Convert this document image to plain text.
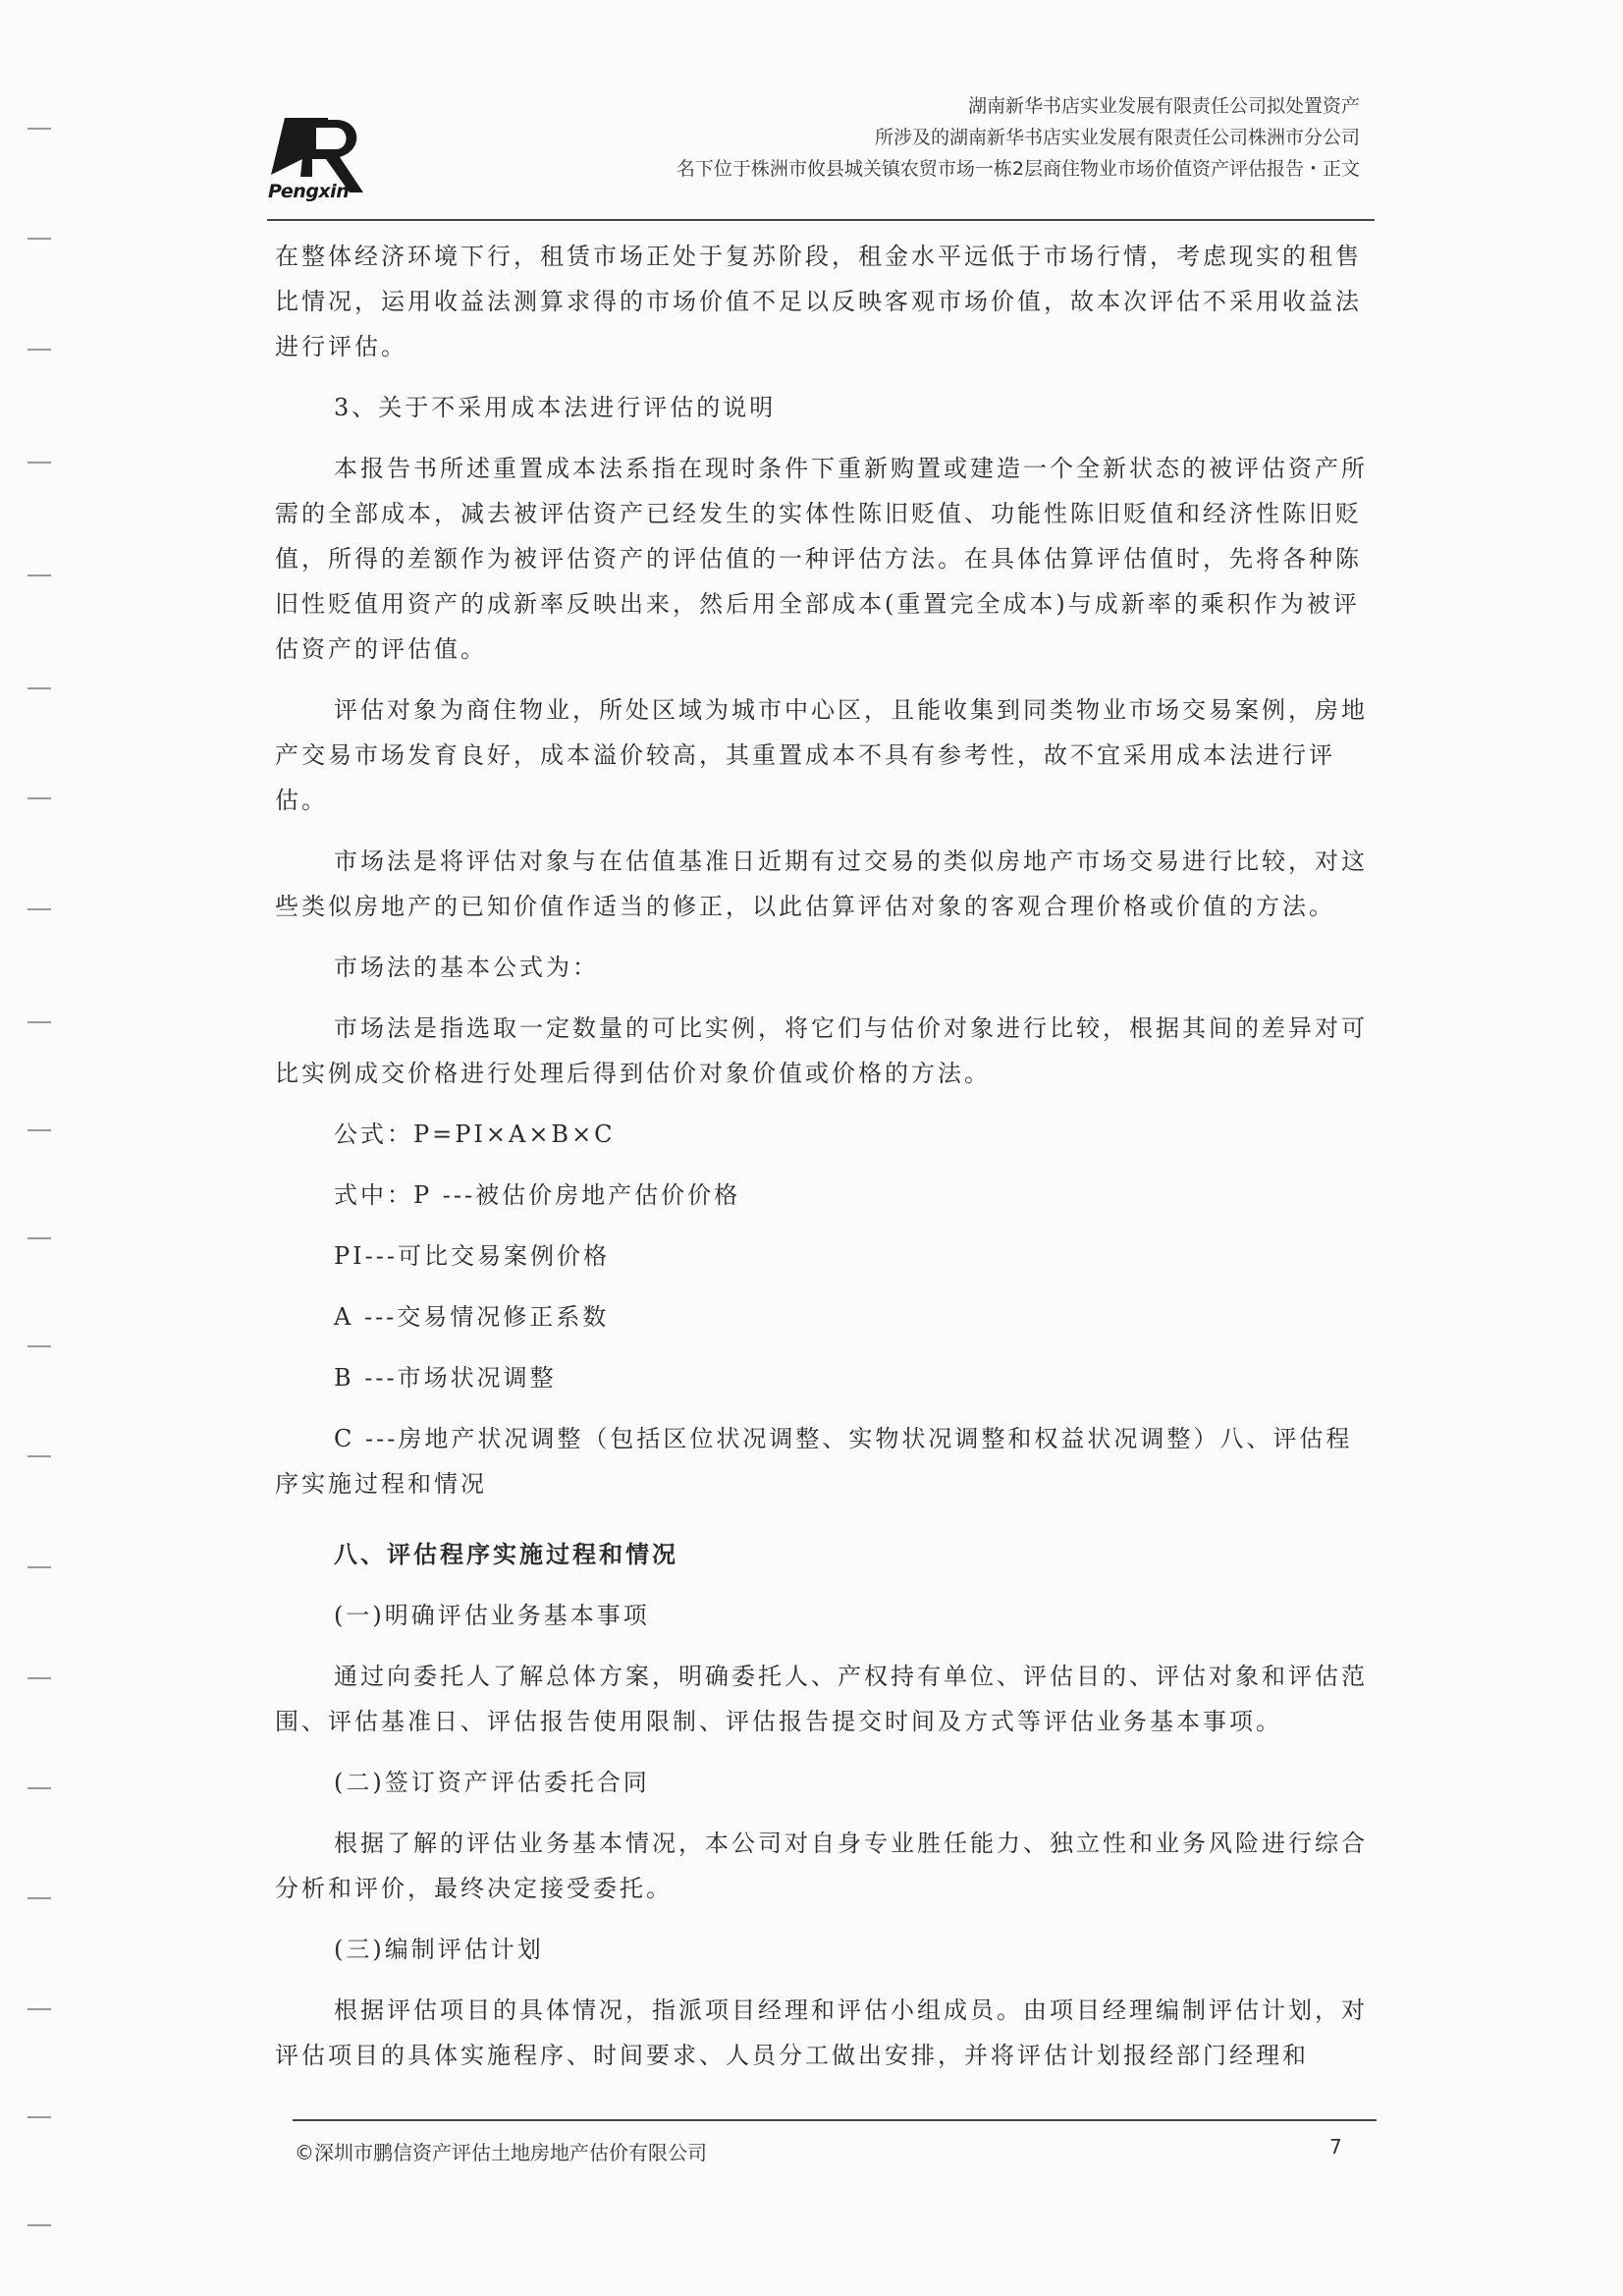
Pengxin
湖南新华书店实业发展有限责任公司拟处置资产
所涉及的湖南新华书店实业发展有限责任公司株洲市分公司
名下位于株洲市攸县城关镇农贸市场一栋2层商住物业市场价值资产评估报告・正文

在整体经济环境下行，租赁市场正处于复苏阶段，租金水平远低于市场行情，考虑现实的租售比情况，运用收益法测算求得的市场价值不足以反映客观市场价值，故本次评估不采用收益法进行评估。

3、关于不采用成本法进行评估的说明

本报告书所述重置成本法系指在现时条件下重新购置或建造一个全新状态的被评估资产所需的全部成本，减去被评估资产已经发生的实体性陈旧贬值、功能性陈旧贬值和经济性陈旧贬值，所得的差额作为被评估资产的评估值的一种评估方法。在具体估算评估值时，先将各种陈旧性贬值用资产的成新率反映出来，然后用全部成本(重置完全成本)与成新率的乘积作为被评估资产的评估值。

评估对象为商住物业，所处区域为城市中心区，且能收集到同类物业市场交易案例，房地产交易市场发育良好，成本溢价较高，其重置成本不具有参考性，故不宜采用成本法进行评估。

市场法是将评估对象与在估值基准日近期有过交易的类似房地产市场交易进行比较，对这些类似房地产的已知价值作适当的修正，以此估算评估对象的客观合理价格或价值的方法。

市场法的基本公式为：

市场法是指选取一定数量的可比实例，将它们与估价对象进行比较，根据其间的差异对可比实例成交价格进行处理后得到估价对象价值或价格的方法。

公式：P=PI×A×B×C

式中：P ---被估价房地产估价价格

PI---可比交易案例价格

A ---交易情况修正系数

B ---市场状况调整

C ---房地产状况调整（包括区位状况调整、实物状况调整和权益状况调整）八、评估程序实施过程和情况

八、评估程序实施过程和情况

(一)明确评估业务基本事项

通过向委托人了解总体方案，明确委托人、产权持有单位、评估目的、评估对象和评估范围、评估基准日、评估报告使用限制、评估报告提交时间及方式等评估业务基本事项。

(二)签订资产评估委托合同

根据了解的评估业务基本情况，本公司对自身专业胜任能力、独立性和业务风险进行综合分析和评价，最终决定接受委托。

(三)编制评估计划

根据评估项目的具体情况，指派项目经理和评估小组成员。由项目经理编制评估计划，对评估项目的具体实施程序、时间要求、人员分工做出安排，并将评估计划报经部门经理和

©深圳市鹏信资产评估土地房地产估价有限公司	7
